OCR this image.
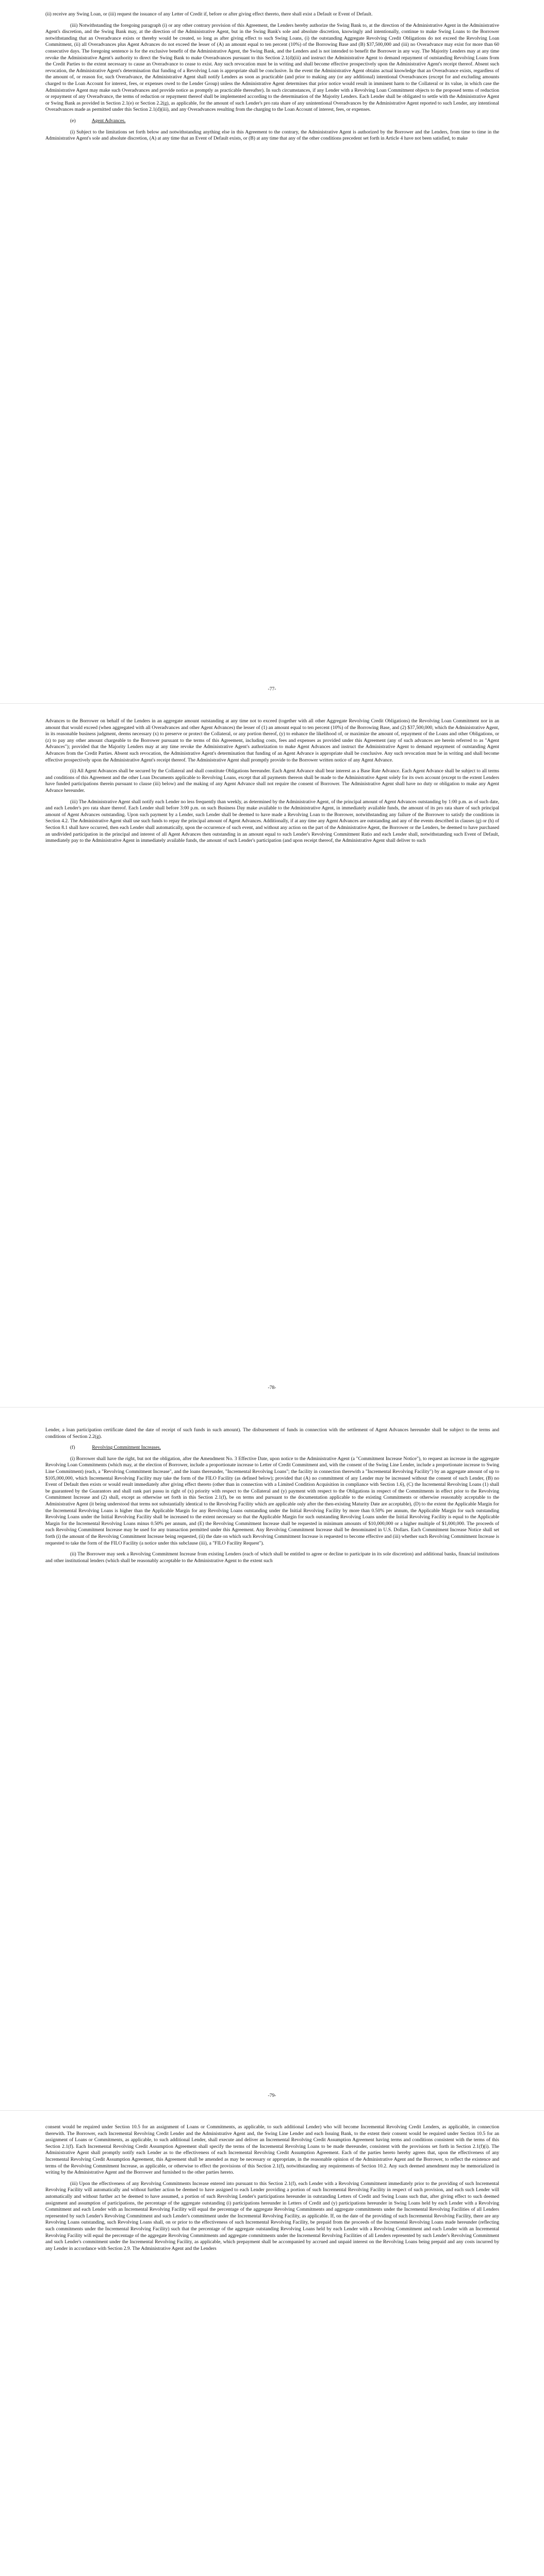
(ii) receive any Swing Loan, or (iii) request the issuance of any Letter of Credit if, before or after giving effect thereto, there shall exist a Default or Event of Default.

(iii) Notwithstanding the foregoing paragraph (i) or any other contrary provision of this Agreement, the Lenders hereby authorize the Swing Bank to, at the direction of the Administrative Agent in the Administrative Agent's discretion, and the Swing Bank may, at the direction of the Administrative Agent, but in the Swing Bank's sole and absolute discretion, knowingly and intentionally, continue to make Swing Loans to the Borrower notwithstanding that an Overadvance exists or thereby would be created, so long as after giving effect to such Swing Loans, (i) the outstanding Aggregate Revolving Credit Obligations do not exceed the Revolving Loan Commitment, (ii) all Overadvances plus Agent Advances do not exceed the lesser of (A) an amount equal to ten percent (10%) of the Borrowing Base and (B) $37,500,000 and (iii) no Overadvance may exist for more than 60 consecutive days. The foregoing sentence is for the exclusive benefit of the Administrative Agent, the Swing Bank, and the Lenders and is not intended to benefit the Borrower in any way. The Majority Lenders may at any time revoke the Administrative Agent's authority to direct the Swing Bank to make Overadvances pursuant to this Section 2.1(d)(iii) and instruct the Administrative Agent to demand repayment of outstanding Revolving Loans from the Credit Parties to the extent necessary to cause an Overadvance to cease to exist. Any such revocation must be in writing and shall become effective prospectively upon the Administrative Agent's receipt thereof. Absent such revocation, the Administrative Agent's determination that funding of a Revolving Loan is appropriate shall be conclusive. In the event the Administrative Agent obtains actual knowledge that an Overadvance exists, regardless of the amount of, or reason for, such Overadvance, the Administrative Agent shall notify Lenders as soon as practicable (and prior to making any (or any additional) intentional Overadvances (except for and excluding amounts charged to the Loan Account for interest, fees, or expenses owed to the Lender Group) unless the Administrative Agent determines that prior notice would result in imminent harm to the Collateral or its value, in which case the Administrative Agent may make such Overadvances and provide notice as promptly as practicable thereafter). In such circumstances, if any Lender with a Revolving Loan Commitment objects to the proposed terms of reduction or repayment of any Overadvance, the terms of reduction or repayment thereof shall be implemented according to the determination of the Majority Lenders. Each Lender shall be obligated to settle with the Administrative Agent or Swing Bank as provided in Section 2.1(e) or Section 2.2(g), as applicable, for the amount of such Lender's pro rata share of any unintentional Overadvances by the Administrative Agent reported to such Lender, any intentional Overadvances made as permitted under this Section 2.1(d)(iii), and any Overadvances resulting from the charging to the Loan Account of interest, fees, or expenses.

(e)	Agent Advances.

(i) Subject to the limitations set forth below and notwithstanding anything else in this Agreement to the contrary, the Administrative Agent is authorized by the Borrower and the Lenders, from time to time in the Administrative Agent's sole and absolute discretion, (A) at any time that an Event of Default exists, or (B) at any time that any of the other conditions precedent set forth in Article 4 have not been satisfied, to make

-77-

Advances to the Borrower on behalf of the Lenders in an aggregate amount outstanding at any time not to exceed (together with all other Aggregate Revolving Credit Obligations) the Revolving Loan Commitment nor in an amount that would exceed (when aggregated with all Overadvances and other Agent Advances) the lesser of (1) an amount equal to ten percent (10%) of the Borrowing Base, and (2) $37,500,000, which the Administrative Agent, in its reasonable business judgment, deems necessary (x) to preserve or protect the Collateral, or any portion thereof, (y) to enhance the likelihood of, or maximize the amount of, repayment of the Loans and other Obligations, or (z) to pay any other amount chargeable to the Borrower pursuant to the terms of this Agreement, including costs, fees and expenses as provided under this Agreement (any of such advances are herein referred to as "Agent Advances"); provided that the Majority Lenders may at any time revoke the Administrative Agent's authorization to make Agent Advances and instruct the Administrative Agent to demand repayment of outstanding Agent Advances from the Credit Parties. Absent such revocation, the Administrative Agent's determination that funding of an Agent Advance is appropriate shall be conclusive. Any such revocation must be in writing and shall become effective prospectively upon the Administrative Agent's receipt thereof. The Administrative Agent shall promptly provide to the Borrower written notice of any Agent Advance.

(ii) All Agent Advances shall be secured by the Collateral and shall constitute Obligations hereunder. Each Agent Advance shall bear interest as a Base Rate Advance. Each Agent Advance shall be subject to all terms and conditions of this Agreement and the other Loan Documents applicable to Revolving Loans, except that all payments thereon shall be made to the Administrative Agent solely for its own account (except to the extent Lenders have funded participations therein pursuant to clause (iii) below) and the making of any Agent Advance shall not require the consent of Borrower. The Administrative Agent shall have no duty or obligation to make any Agent Advance hereunder.

(iii) The Administrative Agent shall notify each Lender no less frequently than weekly, as determined by the Administrative Agent, of the principal amount of Agent Advances outstanding by 1:00 p.m. as of such date, and each Lender's pro rata share thereof. Each Lender shall before 3:00 p.m. on such Business Day make available to the Administrative Agent, in immediately available funds, the amount of its pro rata share of such principal amount of Agent Advances outstanding. Upon such payment by a Lender, such Lender shall be deemed to have made a Revolving Loan to the Borrower, notwithstanding any failure of the Borrower to satisfy the conditions in Section 4.2. The Administrative Agent shall use such funds to repay the principal amount of Agent Advances. Additionally, if at any time any Agent Advances are outstanding and any of the events described in clauses (g) or (h) of Section 8.1 shall have occurred, then each Lender shall automatically, upon the occurrence of such event, and without any action on the part of the Administrative Agent, the Borrower or the Lenders, be deemed to have purchased an undivided participation in the principal and interest of all Agent Advances then outstanding in an amount equal to such Lender's Revolving Commitment Ratio and each Lender shall, notwithstanding such Event of Default, immediately pay to the Administrative Agent in immediately available funds, the amount of such Lender's participation (and upon receipt thereof, the Administrative Agent shall deliver to such

-78-

Lender, a loan participation certificate dated the date of receipt of such funds in such amount). The disbursement of funds in connection with the settlement of Agent Advances hereunder shall be subject to the terms and conditions of Section 2.2(g).

(f)	Revolving Commitment Increases.

(i) Borrower shall have the right, but not the obligation, after the Amendment No. 3 Effective Date, upon notice to the Administrative Agent (a "Commitment Increase Notice"), to request an increase in the aggregate Revolving Loan Commitments (which may, at the election of Borrower, include a proportionate increase to Letter of Credit Commitment and, with the consent of the Swing Line Lender, include a proportionate increase to Swing Line Commitment) (each, a "Revolving Commitment Increase", and the loans thereunder, "Incremental Revolving Loans"; the facility in connection therewith a "Incremental Revolving Facility") by an aggregate amount of up to $105,000,000, which Incremental Revolving Facility may take the form of the FILO Facility (as defined below); provided that (A) no commitment of any Lender may be increased without the consent of such Lender, (B) no Event of Default then exists or would result immediately after giving effect thereto (other than in connection with a Limited Condition Acquisition in compliance with Section 1.6), (C) the Incremental Revolving Loans (1) shall be guaranteed by the Guarantors and shall rank pari passu in right of (x) priority with respect to the Collateral and (y) payment with respect to the Obligations in respect of the Commitments in effect prior to the Revolving Commitment Increase and (2) shall, except as otherwise set forth in this Section 2.1(f), be on terms and pursuant to the documentation applicable to the existing Commitments or otherwise reasonably acceptable to the Administrative Agent (it being understood that terms not substantially identical to the Revolving Facility which are applicable only after the then-existing Maturity Date are acceptable), (D) to the extent the Applicable Margin for the Incremental Revolving Loans is higher than the Applicable Margin for any Revolving Loans outstanding under the Initial Revolving Facility by more than 0.50% per annum, the Applicable Margin for such outstanding Revolving Loans under the Initial Revolving Facility shall be increased to the extent necessary so that the Applicable Margin for such outstanding Revolving Loans under the Initial Revolving Facility is equal to the Applicable Margin for the Incremental Revolving Loans minus 0.50% per annum, and (E) the Revolving Commitment Increase shall be requested in minimum amounts of $10,000,000 or a higher multiple of $1,000,000. The proceeds of each Revolving Commitment Increase may be used for any transaction permitted under this Agreement. Any Revolving Commitment Increase shall be denominated in U.S. Dollars. Each Commitment Increase Notice shall set forth (i) the amount of the Revolving Commitment Increase being requested, (ii) the date on which such Revolving Commitment Increase is requested to become effective and (iii) whether such Revolving Commitment Increase is requested to take the form of the FILO Facility (a notice under this subclause (iii), a "FILO Facility Request").

(ii) The Borrower may seek a Revolving Commitment Increase from existing Lenders (each of which shall be entitled to agree or decline to participate in its sole discretion) and additional banks, financial institutions and other institutional lenders (which shall be reasonably acceptable to the Administrative Agent to the extent such

-79-

consent would be required under Section 10.5 for an assignment of Loans or Commitments, as applicable, to such additional Lender) who will become Incremental Revolving Credit Lenders, as applicable, in connection therewith. The Borrower, each Incremental Revolving Credit Lender and the Administrative Agent and, the Swing Line Lender and each Issuing Bank, to the extent their consent would be required under Section 10.5 for an assignment of Loans or Commitments, as applicable, to such additional Lender, shall execute and deliver an Incremental Revolving Credit Assumption Agreement having terms and conditions consistent with the terms of this Section 2.1(f). Each Incremental Revolving Credit Assumption Agreement shall specify the terms of the Incremental Revolving Loans to be made thereunder, consistent with the provisions set forth in Section 2.1(f)(i). The Administrative Agent shall promptly notify each Lender as to the effectiveness of each Incremental Revolving Credit Assumption Agreement. Each of the parties hereto hereby agrees that, upon the effectiveness of any Incremental Revolving Credit Assumption Agreement, this Agreement shall be amended as may be necessary or appropriate, in the reasonable opinion of the Administrative Agent and the Borrower, to reflect the existence and terms of the Revolving Commitment Increase, as applicable, or otherwise to effect the provisions of this Section 2.1(f), notwithstanding any requirements of Section 10.2. Any such deemed amendment may be memorialized in writing by the Administrative Agent and the Borrower and furnished to the other parties hereto.

(iii) Upon the effectiveness of any Revolving Commitments Increase entered into pursuant to this Section 2.1(f), each Lender with a Revolving Commitment immediately prior to the providing of such Incremental Revolving Facility will automatically and without further action be deemed to have assigned to each Lender providing a portion of such Incremental Revolving Facility in respect of such provision, and each such Lender will automatically and without further act be deemed to have assumed, a portion of such Revolving Lender's participations hereunder in outstanding Letters of Credit and Swing Loans such that, after giving effect to such deemed assignment and assumption of participations, the percentage of the aggregate outstanding (i) participations hereunder in Letters of Credit and (y) participations hereunder in Swing Loans held by each Lender with a Revolving Commitment and each Lender with an Incremental Revolving Facility will equal the percentage of the aggregate Revolving Commitments and aggregate commitments under the Incremental Revolving Facilities of all Lenders represented by such Lender's Revolving Commitment and such Lender's commitment under the Incremental Revolving Facility, as applicable. If, on the date of the providing of such Incremental Revolving Facility, there are any Revolving Loans outstanding, such Revolving Loans shall, on or prior to the effectiveness of such Incremental Revolving Facility, be prepaid from the proceeds of the Incremental Revolving Loans made hereunder (reflecting such commitments under the Incremental Revolving Facility) such that the percentage of the aggregate outstanding Revolving Loans held by each Lender with a Revolving Commitment and each Lender with an Incremental Revolving Facility will equal the percentage of the aggregate Revolving Commitments and aggregate commitments under the Incremental Revolving Facilities of all Lenders represented by such Lender's Revolving Commitment and such Lender's commitment under the Incremental Revolving Facility, as applicable, which prepayment shall be accompanied by accrued and unpaid interest on the Revolving Loans being prepaid and any costs incurred by any Lender in accordance with Section 2.9. The Administrative Agent and the Lenders
